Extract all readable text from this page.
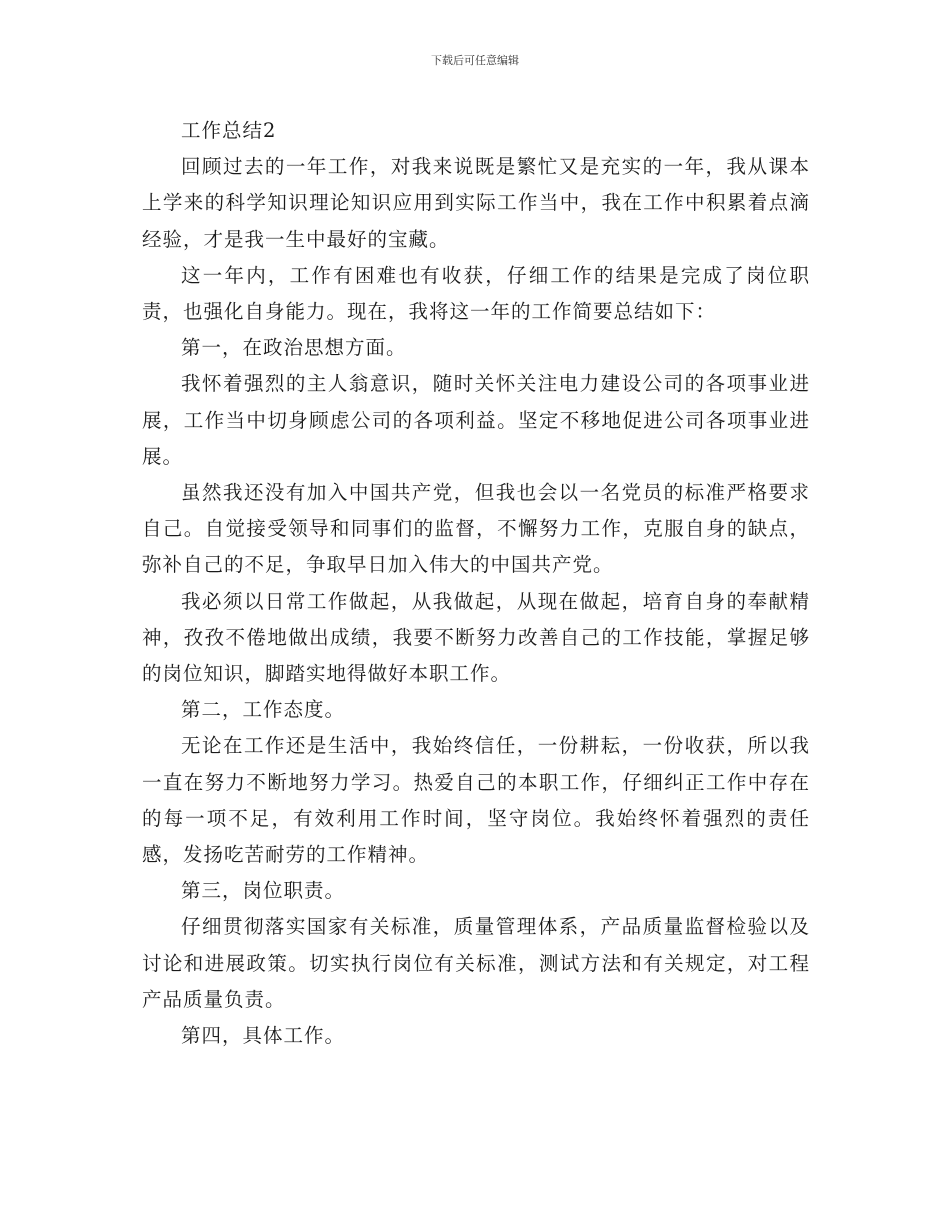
下载后可任意编辑

工作总结2

回顾过去的一年工作，对我来说既是繁忙又是充实的一年，我从课本上学来的科学知识理论知识应用到实际工作当中，我在工作中积累着点滴经验，才是我一生中最好的宝藏。

这一年内，工作有困难也有收获，仔细工作的结果是完成了岗位职责，也强化自身能力。现在，我将这一年的工作简要总结如下：

第一，在政治思想方面。

我怀着强烈的主人翁意识，随时关怀关注电力建设公司的各项事业进展，工作当中切身顾虑公司的各项利益。坚定不移地促进公司各项事业进展。

虽然我还没有加入中国共产党，但我也会以一名党员的标准严格要求自己。自觉接受领导和同事们的监督，不懈努力工作，克服自身的缺点，弥补自己的不足，争取早日加入伟大的中国共产党。

我必须以日常工作做起，从我做起，从现在做起，培育自身的奉献精神，孜孜不倦地做出成绩，我要不断努力改善自己的工作技能，掌握足够的岗位知识，脚踏实地得做好本职工作。

第二，工作态度。

无论在工作还是生活中，我始终信任，一份耕耘，一份收获，所以我一直在努力不断地努力学习。热爱自己的本职工作，仔细纠正工作中存在的每一项不足，有效利用工作时间，坚守岗位。我始终怀着强烈的责任感，发扬吃苦耐劳的工作精神。

第三，岗位职责。

仔细贯彻落实国家有关标准，质量管理体系，产品质量监督检验以及讨论和进展政策。切实执行岗位有关标准，测试方法和有关规定，对工程产品质量负责。

第四，具体工作。
